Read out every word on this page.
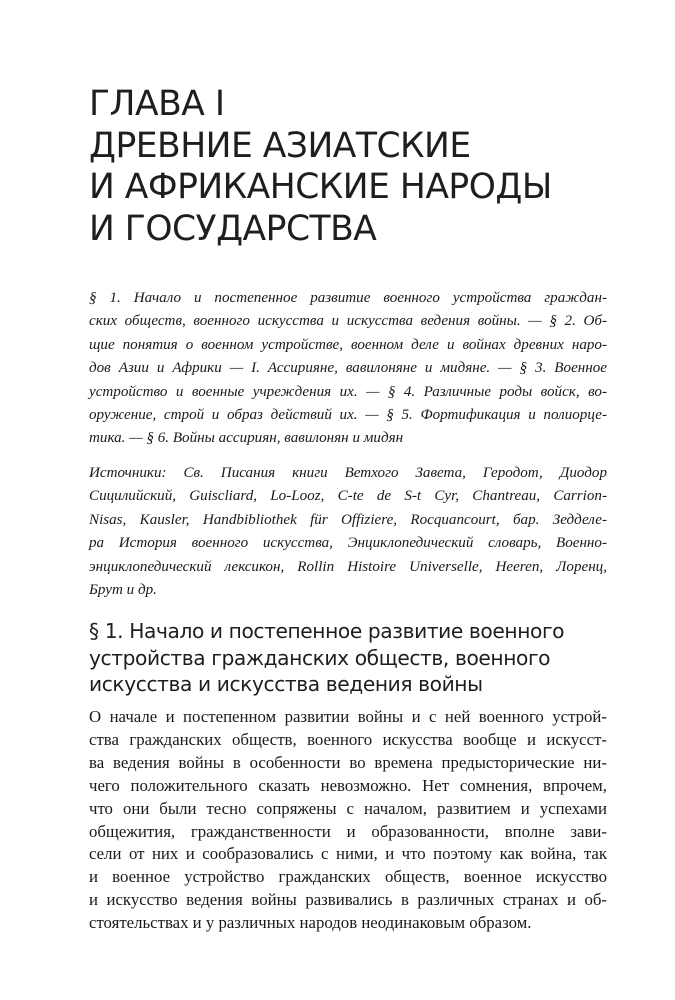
ГЛАВА I
ДРЕВНИЕ АЗИАТСКИЕ
И АФРИКАНСКИЕ НАРОДЫ
И ГОСУДАРСТВА

§ 1. Начало и постепенное развитие военного устройства граждан-
ских обществ, военного искусства и искусства ведения войны. — § 2. Об-
щие понятия о военном устройстве, военном деле и войнах древних наро-
дов Азии и Африки — I. Ассирияне, вавилоняне и мидяне. — § 3. Военное
устройство и военные учреждения их. — § 4. Различные роды войск, во-
оружение, строй и образ действий их. — § 5. Фортификация и полиорце-
тика. — § 6. Войны ассириян, вавилонян и мидян

Источники: Св. Писания книги Ветхого Завета, Геродот, Диодор
Сицилийский, Guiscliard, Lo-Looz, C-te de S-t Cyr, Chantreau, Carrion-
Nisas, Kausler, Handbibliothek für Offiziere, Rocquancourt, бар. Зедделе-
ра История военного искусства, Энциклопедический словарь, Военно-
энциклопедический лексикон, Rollin Histoire Universelle, Heeren, Лоренц,
Брут и др.

§ 1. Начало и постепенное развитие военного
устройства гражданских обществ, военного
искусства и искусства ведения войны

О начале и постепенном развитии войны и с ней военного устрой-
ства гражданских обществ, военного искусства вообще и искусст-
ва ведения войны в особенности во времена предысторические ни-
чего положительного сказать невозможно. Нет сомнения, впрочем,
что они были тесно сопряжены с началом, развитием и успехами
общежития, гражданственности и образованности, вполне зави-
сели от них и сообразовались с ними, и что поэтому как война, так
и военное устройство гражданских обществ, военное искусство
и искусство ведения войны развивались в различных странах и об-
стоятельствах и у различных народов неодинаковым образом.
